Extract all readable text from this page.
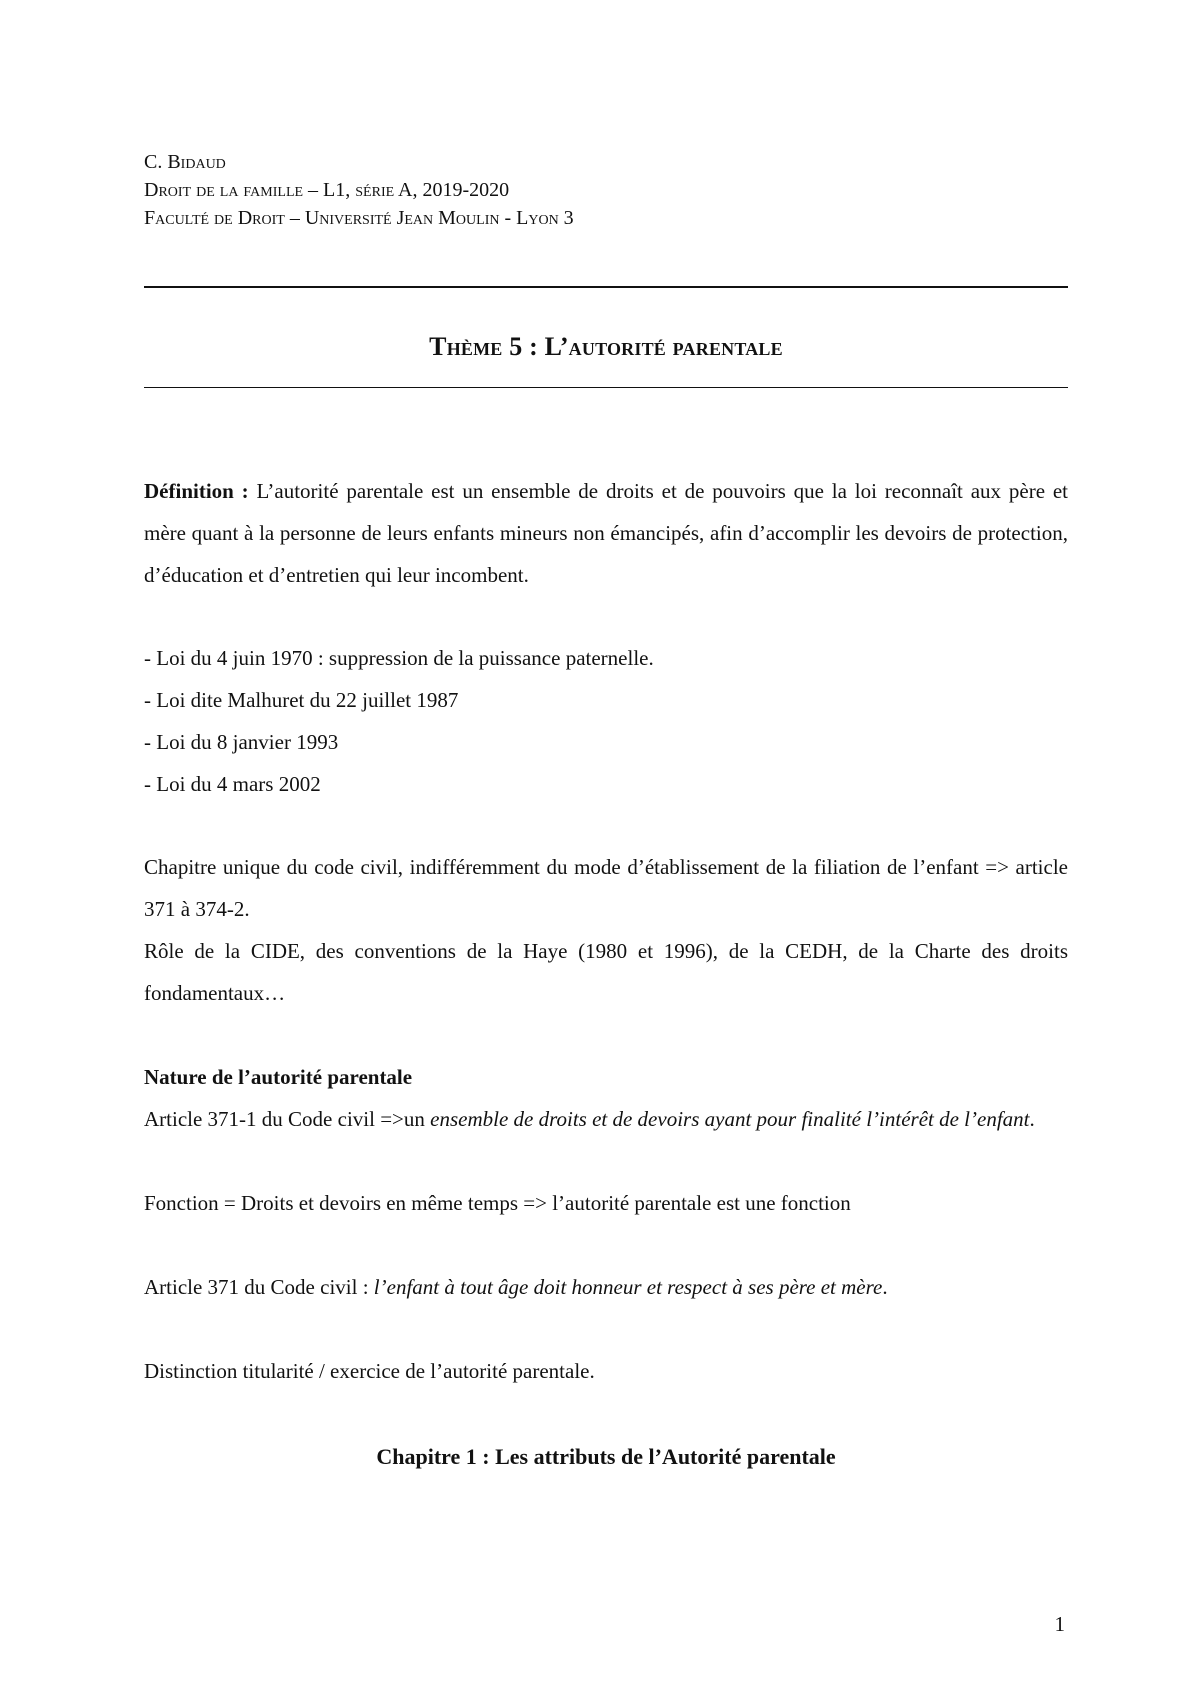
C. Bidaud
Droit de la famille – L1, série A, 2019-2020
Faculté de Droit – Université Jean Moulin - Lyon 3
Thème 5 : L’autorité parentale
Définition : L’autorité parentale est un ensemble de droits et de pouvoirs que la loi reconnaît aux père et mère quant à la personne de leurs enfants mineurs non émancipés, afin d’accomplir les devoirs de protection, d’éducation et d’entretien qui leur incombent.
- Loi du 4 juin 1970 : suppression de la puissance paternelle.
- Loi dite Malhuret du 22 juillet 1987
- Loi du 8 janvier 1993
- Loi du 4 mars 2002
Chapitre unique du code civil, indifféremment du mode d’établissement de la filiation de l’enfant => article 371 à 374-2.
Rôle de la CIDE, des conventions de la Haye (1980 et 1996), de la CEDH, de la Charte des droits fondamentaux…
Nature de l’autorité parentale
Article 371-1 du Code civil =>un ensemble de droits et de devoirs ayant pour finalité l’intérêt de l’enfant.
Fonction = Droits et devoirs en même temps => l’autorité parentale est une fonction
Article 371 du Code civil : l’enfant à tout âge doit honneur et respect à ses père et mère.
Distinction titularité / exercice de l’autorité parentale.
Chapitre 1 : Les attributs de l’Autorité parentale
1
